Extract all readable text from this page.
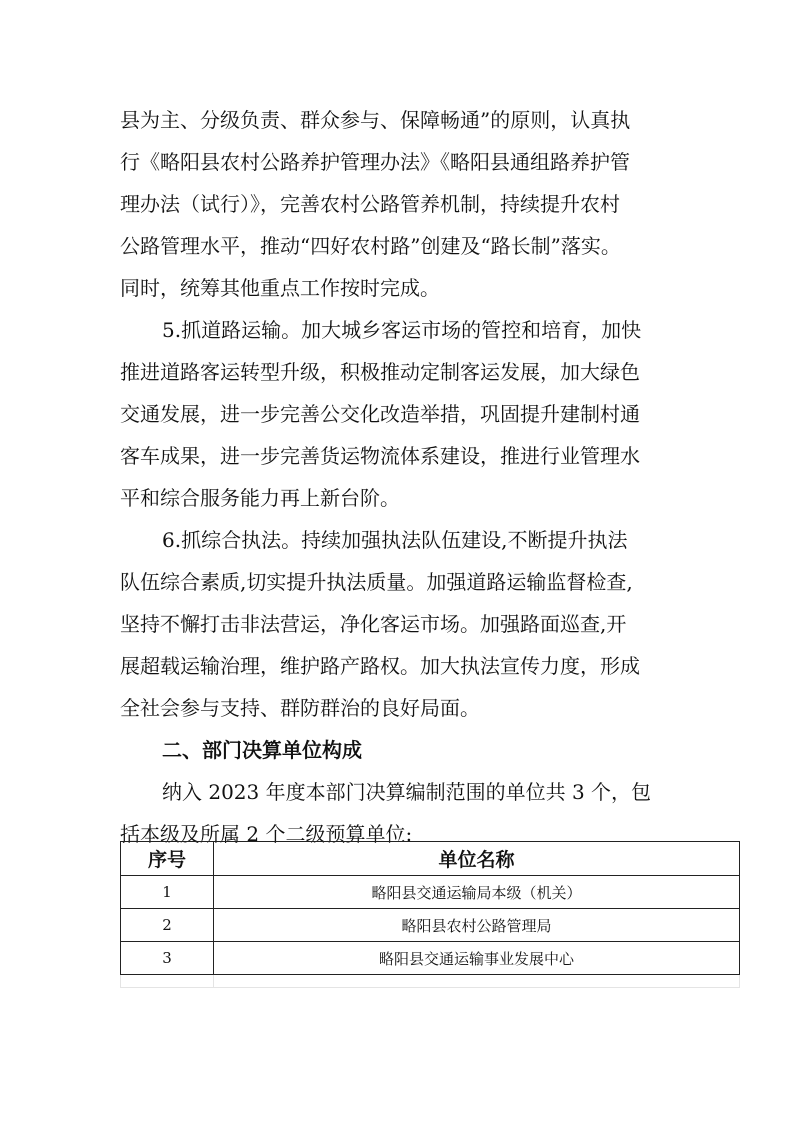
县为主、分级负责、群众参与、保障畅通”的原则，认真执
行《略阳县农村公路养护管理办法》《略阳县通组路养护管
理办法（试行）》，完善农村公路管养机制，持续提升农村
公路管理水平，推动“四好农村路”创建及“路长制”落实。
同时，统筹其他重点工作按时完成。
5.抓道路运输。加大城乡客运市场的管控和培育，加快
推进道路客运转型升级，积极推动定制客运发展，加大绿色
交通发展，进一步完善公交化改造举措，巩固提升建制村通
客车成果，进一步完善货运物流体系建设，推进行业管理水
平和综合服务能力再上新台阶。
6.抓综合执法。持续加强执法队伍建设,不断提升执法
队伍综合素质,切实提升执法质量。加强道路运输监督检查,
坚持不懈打击非法营运，净化客运市场。加强路面巡查,开
展超载运输治理，维护路产路权。加大执法宣传力度，形成
全社会参与支持、群防群治的良好局面。
二、部门决算单位构成
纳入 2023 年度本部门决算编制范围的单位共 3 个，包
括本级及所属 2 个二级预算单位:
序号	单位名称
1	略阳县交通运输局本级（机关）
2	略阳县农村公路管理局
3	略阳县交通运输事业发展中心
